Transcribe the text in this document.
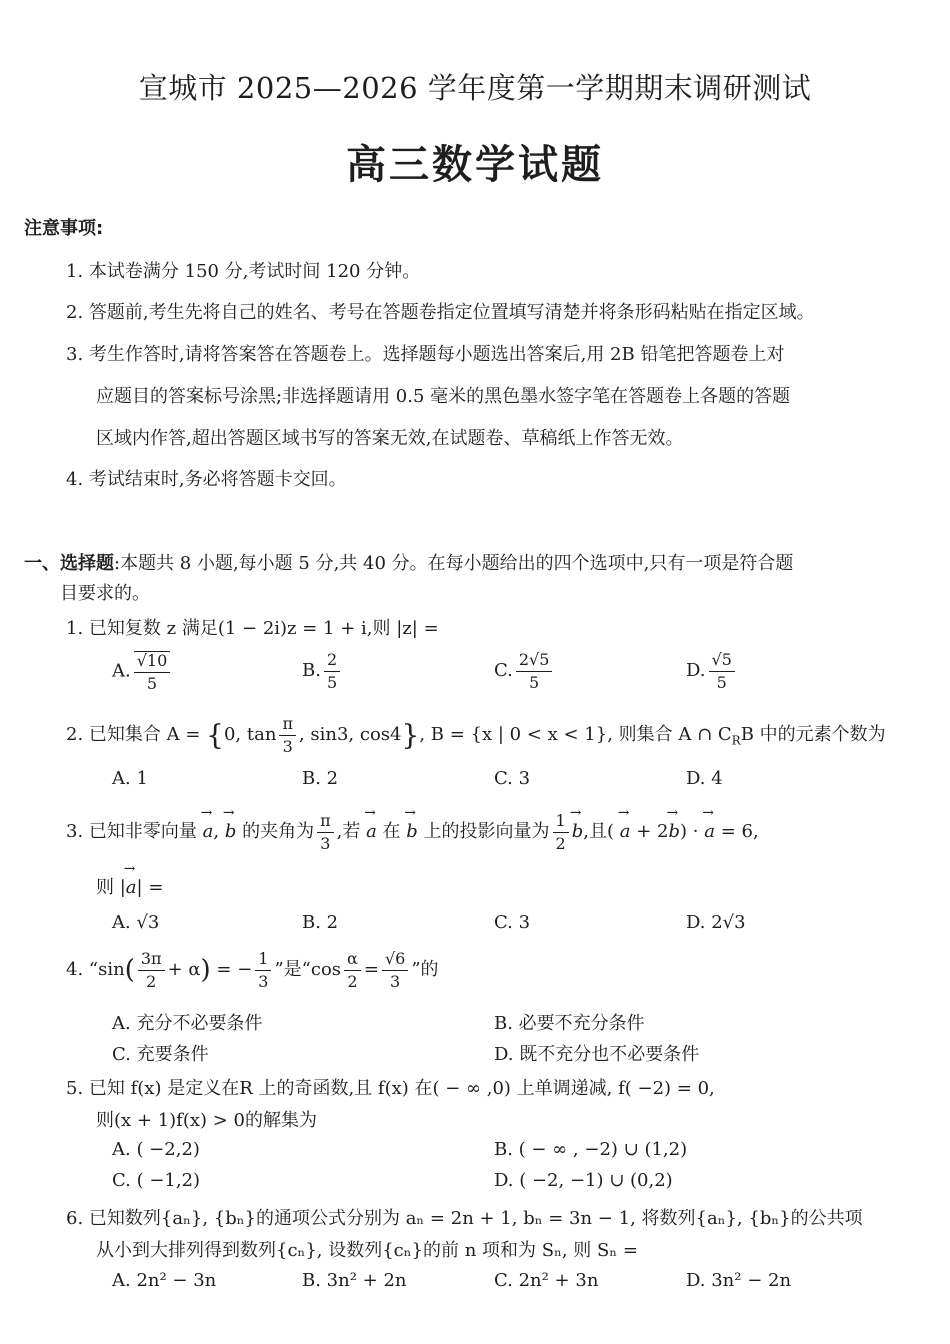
宣城市 2025—2026 学年度第一学期期末调研测试
高三数学试题
注意事项:
1. 本试卷满分 150 分,考试时间 120 分钟。
2. 答题前,考生先将自己的姓名、考号在答题卷指定位置填写清楚并将条形码粘贴在指定区域。
3. 考生作答时,请将答案答在答题卷上。选择题每小题选出答案后,用 2B 铅笔把答题卷上对
应题目的答案标号涂黑;非选择题请用 0.5 毫米的黑色墨水签字笔在答题卷上各题的答题
区域内作答,超出答题区域书写的答案无效,在试题卷、草稿纸上作答无效。
4. 考试结束时,务必将答题卡交回。
一、选择题:本题共 8 小题,每小题 5 分,共 40 分。在每小题给出的四个选项中,只有一项是符合题
目要求的。
1. 已知复数 z 满足(1 − 2i)z = 1 + i,则 |z| =
A. $\frac{√10}{5}$	B. $\frac{2}{5}$	C. $\frac{2√5}{5}$	D. $\frac{√5}{5}$
2. 已知集合 A = {0, $\tan \frac{\pi}{3}$ , sin3, cos4}, B = {x | 0 < x < 1}, 则集合 A ∩ $C_RB$ 中的元素个数为
A. 1	B. 2	C. 3	D. 4
3. 已知非零向量 → a, → b 的夹角为 $\frac{\pi}{3}$ ,若 → a 在 → b 上的投影向量为 $\frac{1}{2}$
→ b,且( → a + 2→ b) · → a = 6,
则 |→ a| =
A. √3	B. 2	C. 3	D. 2√3
4. “$\sin( \frac{3\pi}{2} + \alpha)$ = − $\frac{1}{3}$ ”是“$\cos \frac{\alpha}{2} = \frac{√6}{3}$ ”的
A. 充分不必要条件	B. 必要不充分条件
C. 充要条件	D. 既不充分也不必要条件
5. 已知 f(x) 是定义在R 上的奇函数,且 f(x) 在( − ∞ ,0) 上单调递减, f( −2) = 0,
则(x + 1)f(x) > 0的解集为
A. ( −2,2)	B. ( − ∞ , −2) ∪ (1,2)
C. ( −1,2)	D. ( −2, −1) ∪ (0,2)
6. 已知数列{aₙ}, {bₙ}的通项公式分别为 aₙ = 2n + 1, bₙ = 3n − 1, 将数列{aₙ}, {bₙ}的公共项
从小到大排列得到数列{cₙ}, 设数列{cₙ}的前 n 项和为 Sₙ, 则 Sₙ =
A. 2n² − 3n	B. 3n² + 2n	C. 2n² + 3n	D. 3n² − 2n
